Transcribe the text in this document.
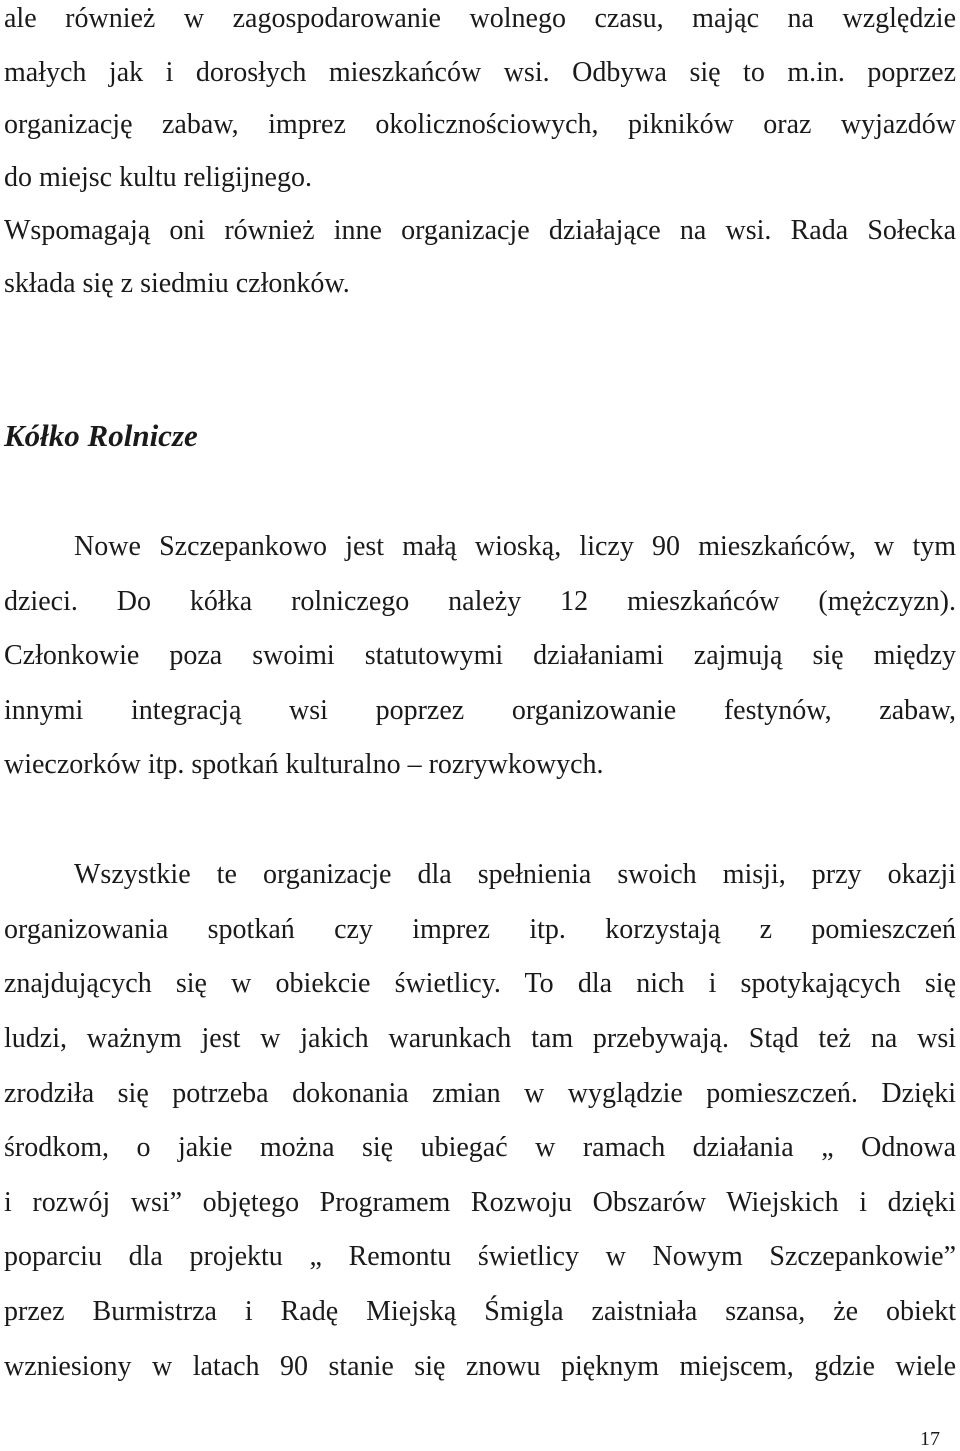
ale również w zagospodarowanie wolnego czasu, mając na względzie
małych jak i dorosłych mieszkańców wsi. Odbywa się to m.in. poprzez
organizację zabaw, imprez okolicznościowych, pikników oraz wyjazdów
do miejsc kultu religijnego.
Wspomagają oni również inne organizacje działające na wsi. Rada Sołecka
składa się z siedmiu członków.
Kółko Rolnicze
Nowe Szczepankowo jest małą wioską, liczy 90 mieszkańców, w tym
dzieci. Do kółka rolniczego należy 12 mieszkańców (mężczyzn).
Członkowie poza swoimi statutowymi działaniami zajmują się między
innymi integracją wsi poprzez organizowanie festynów, zabaw,
wieczorków itp. spotkań kulturalno – rozrywkowych.
Wszystkie te organizacje dla spełnienia swoich misji, przy okazji
organizowania spotkań czy imprez itp. korzystają z pomieszczeń
znajdujących się w obiekcie świetlicy. To dla nich i spotykających się
ludzi, ważnym jest w jakich warunkach tam przebywają. Stąd też na wsi
zrodziła się potrzeba dokonania zmian w wyglądzie pomieszczeń. Dzięki
środkom, o jakie można się ubiegać w ramach działania „ Odnowa
i rozwój wsi” objętego Programem Rozwoju Obszarów Wiejskich i dzięki
poparciu dla projektu „ Remontu świetlicy w Nowym Szczepankowie”
przez Burmistrza i Radę Miejską Śmigla zaistniała szansa, że obiekt
wzniesiony w latach 90 stanie się znowu pięknym miejscem, gdzie wiele
17
